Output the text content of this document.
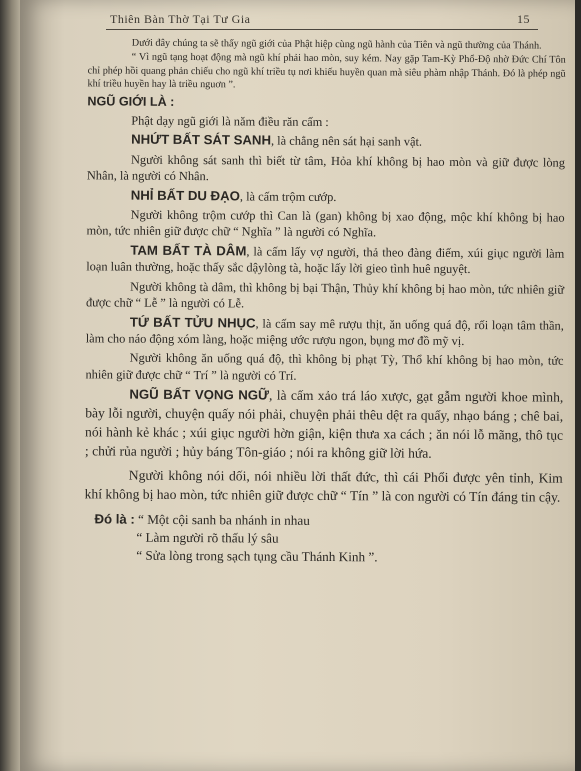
Thiên Bàn Thờ Tại Tư Gia	15

Dưới đây chúng ta sẽ thấy ngũ giới của Phật hiệp cùng ngũ hành của Tiên và ngũ thường của Thánh.

“ Vì ngũ tạng hoạt động mà ngũ khí phải hao mòn, suy kém. Nay gặp Tam-Kỳ Phổ-Độ nhờ Đức Chí Tôn chỉ phép hồi quang phản chiếu cho ngũ khí triều tụ nơi khiếu huyền quan mà siêu phàm nhập Thánh. Đó là phép ngũ khí triều huyền hay là triều nguơn ”.

NGŨ GIỚI LÀ :

Phật dạy ngũ giới là năm điều răn cấm :

NHỨT BẤT SÁT SANH, là chẳng nên sát hại sanh vật.

Người không sát sanh thì biết từ tâm, Hỏa khí không bị hao mòn và giữ được lòng Nhân, là người có Nhân.

NHỈ BẤT DU ĐẠO, là cấm trộm cướp.

Người không trộm cướp thì Can là (gan) không bị xao động, mộc khí không bị hao mòn, tức nhiên giữ được chữ “ Nghĩa ” là người có Nghĩa.

TAM BẤT TÀ DÂM, là cấm lấy vợ người, thả theo đàng điếm, xúi giục người làm loạn luân thường, hoặc thấy sắc dậylòng tà, hoặc lấy lời gieo tình huê nguyệt.

Người không tà dâm, thì không bị bại Thận, Thủy khí không bị hao mòn, tức nhiên giữ được chữ “ Lễ ” là người có Lễ.

TỨ BẤT TỬU NHỤC, là cấm say mê rượu thịt, ăn uống quá độ, rối loạn tâm thần, làm cho náo động xóm làng, hoặc miệng ước rượu ngon, bụng mơ đồ mỹ vị.

Người không ăn uống quá độ, thì không bị phạt Tỳ, Thổ khí không bị hao mòn, tức nhiên giữ được chữ “ Trí ” là người có Trí.

NGŨ BẤT VỌNG NGỮ, là cấm xảo trá láo xược, gạt gẫm người khoe mình, bày lỗi người, chuyện quấy nói phải, chuyện phải thêu dệt ra quấy, nhạo báng ; chê bai, nói hành kẻ khác ; xúi giục người hờn giận, kiện thưa xa cách ; ăn nói lỗ mãng, thô tục ; chửi rủa người ; hủy báng Tôn-giáo ; nói ra không giữ lời hứa.

Người không nói dối, nói nhiều lời thất đức, thì cái Phổi được yên tỉnh, Kim khí không bị hao mòn, tức nhiên giữ được chữ “ Tín ” là con người có Tín đáng tin cậy.

Đó là : “ Một cội sanh ba nhánh in nhau
“ Làm người rõ thấu lý sâu
“ Sửa lòng trong sạch tụng cầu Thánh Kinh ”.
